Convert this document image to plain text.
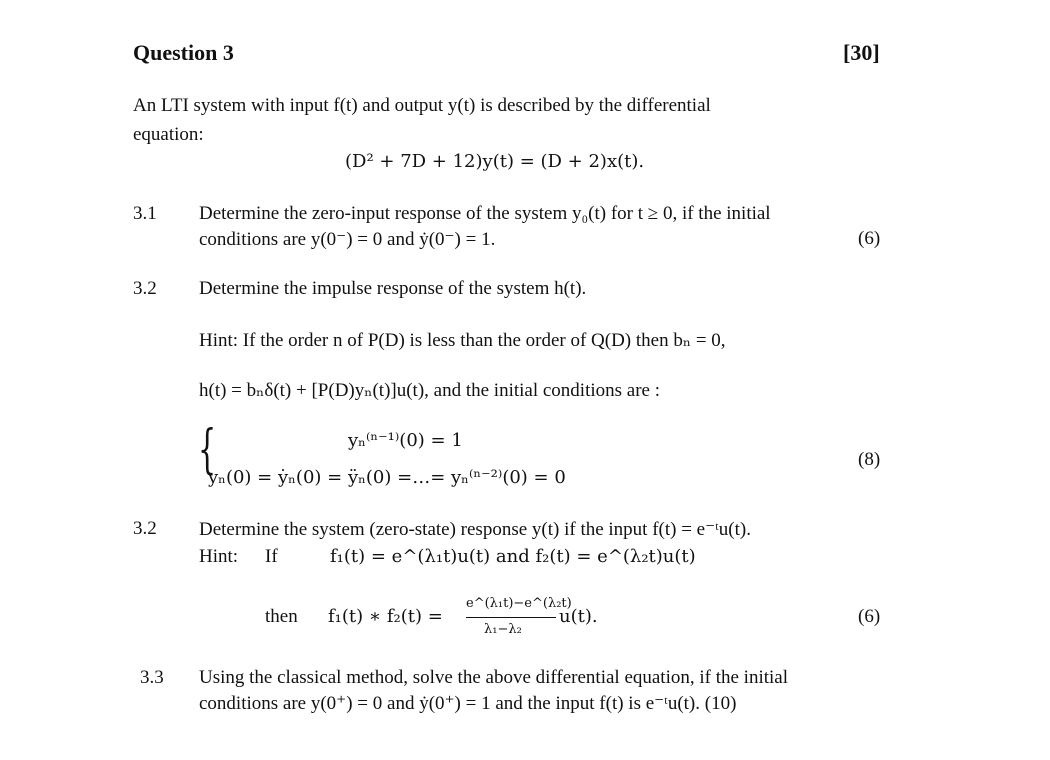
Question 3	[30]
An LTI system with input f(t) and output y(t) is described by the differential
equation:
(D² + 7D + 12)y(t) = (D + 2)x(t).
3.1 Determine the zero-input response of the system y₀(t) for t ≥ 0, if the initial
conditions are y(0⁻) = 0 and ẏ(0⁻) = 1.	(6)
3.2 Determine the impulse response of the system h(t).
Hint: If the order n of P(D) is less than the order of Q(D) then bₙ = 0,
h(t) = bₙδ(t) + [P(D)yₙ(t)]u(t), and the initial conditions are :
{	yₙ⁽ⁿ⁻¹⁾(0) = 1
yₙ(0) = ẏₙ(0) = ÿₙ(0) =…= yₙ⁽ⁿ⁻²⁾(0) = 0
(8)
3.2 Determine the system (zero-state) response y(t) if the input f(t) = e⁻ᵗu(t).
Hint: If	f₁(t) = e^(λ₁t)u(t) and f₂(t) = e^(λ₂t)u(t)
then f₁(t) ∗ f₂(t) =
e^(λ₁t)−e^(λ₂t)
λ₁−λ₂
u(t).	(6)
3.3 Using the classical method, solve the above differential equation, if the initial
conditions are y(0⁺) = 0 and ẏ(0⁺) = 1 and the input f(t) is e⁻ᵗu(t). (10)
